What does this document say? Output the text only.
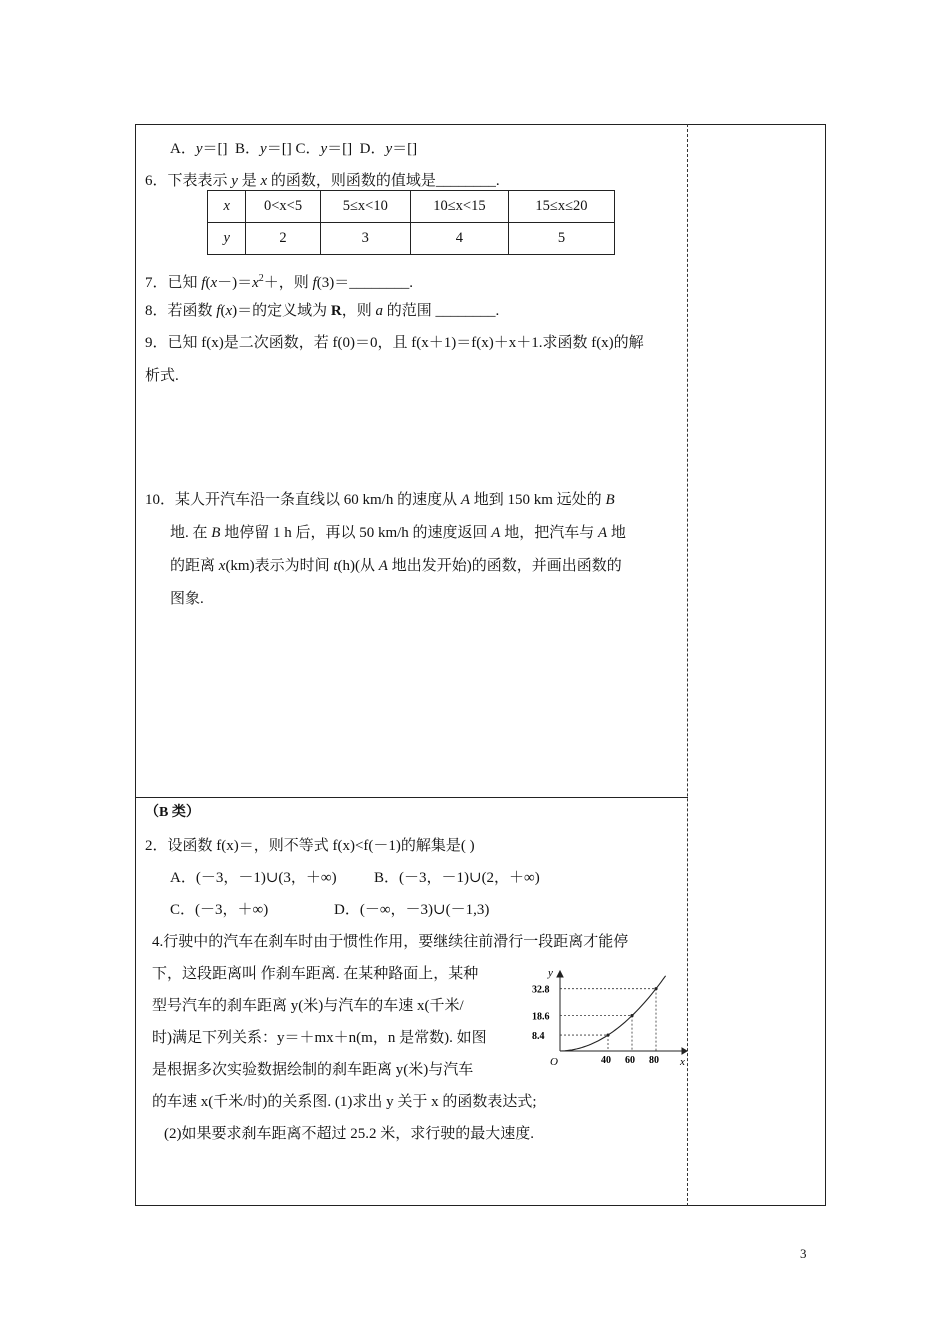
A．y＝[] B．y＝[] C．y＝[] D．y＝[]
6．下表表示 y 是 x 的函数，则函数的值域是________.
x	0<x<5	5≤x<10	10≤x<15	15≤x≤20
y	2	3	4	5
7．已知 $f(x-)=x^2+$，则 f(3)＝________.
8．若函数 f(x)＝的定义域为 R，则 a 的范围 ________.
9．已知 f(x)是二次函数，若 f(0)＝0，且 f(x＋1)＝f(x)＋x＋1.求函数 f(x)的解
析式.
10．某人开汽车沿一条直线以 60 km/h 的速度从 A 地到 150 km 远处的 B
地. 在 B 地停留 1 h 后，再以 50 km/h 的速度返回 A 地，把汽车与 A 地
的距离 x(km)表示为时间 t(h)(从 A 地出发开始)的函数，并画出函数的
图象.
（B 类）
2．设函数 f(x)＝，则不等式 f(x)<f(－1)的解集是( )
A．(－3，－1)∪(3，＋∞) B．(－3，－1)∪(2，＋∞)
C．(－3，＋∞)	D．(－∞，－3)∪(－1,3)
4.行驶中的汽车在刹车时由于惯性作用，要继续往前滑行一段距离才能停
下，这段距离叫 作刹车距离. 在某种路面上，某种
型号汽车的刹车距离 y(米)与汽车的车速 x(千米/
时)满足下列关系：y＝＋mx＋n(m，n 是常数). 如图
是根据多次实验数据绘制的刹车距离 y(米)与汽车
的车速 x(千米/时)的关系图. (1)求出 y 关于 x 的函数表达式;
(2)如果要求刹车距离不超过 25.2 米，求行驶的最大速度.
40 60 80
8.4
18.6
32.8
O	x
y
3
